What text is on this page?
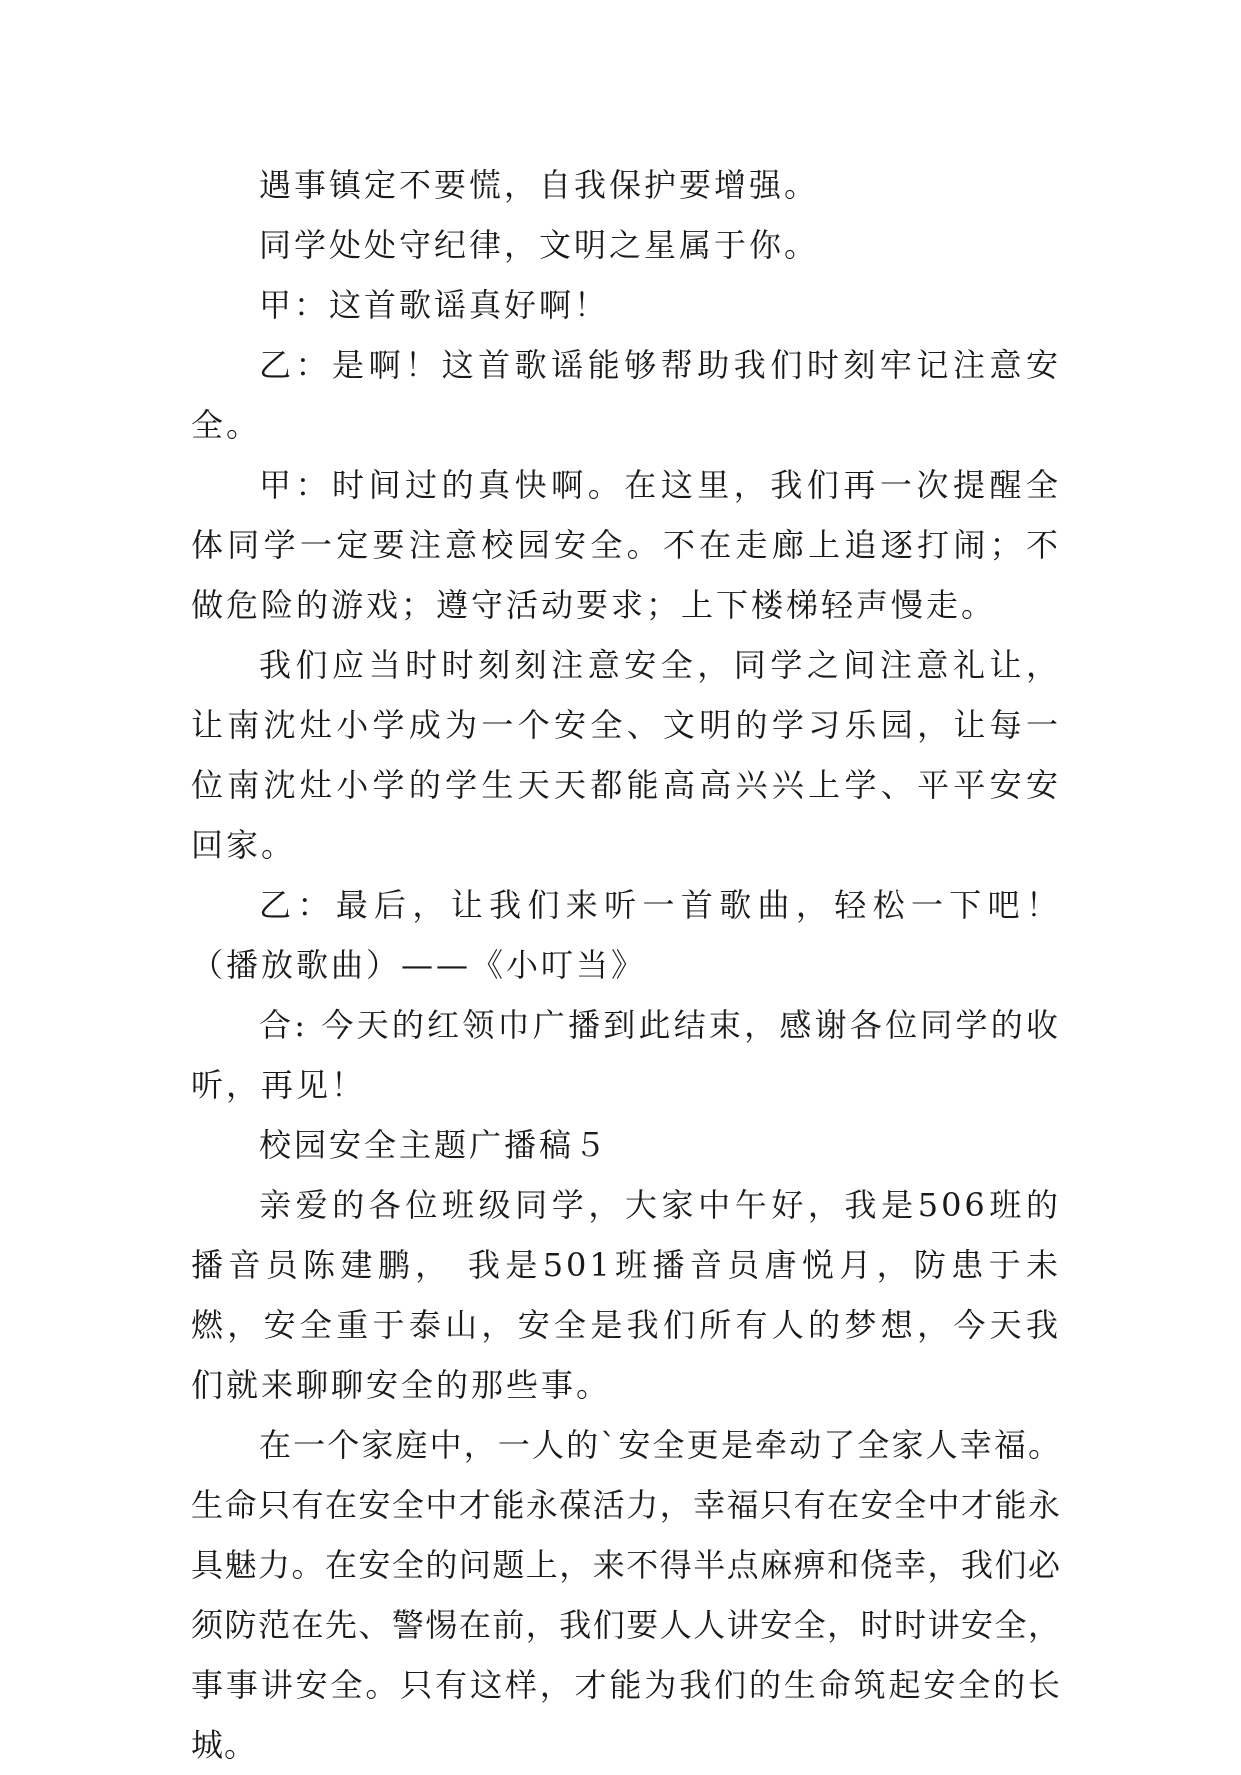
遇事镇定不要慌，自我保护要增强。

同学处处守纪律，文明之星属于你。

甲：这首歌谣真好啊！

乙：是啊！这首歌谣能够帮助我们时刻牢记注意安全。

甲：时间过的真快啊。在这里，我们再一次提醒全体同学一定要注意校园安全。不在走廊上追逐打闹；不做危险的游戏；遵守活动要求；上下楼梯轻声慢走。

我们应当时时刻刻注意安全，同学之间注意礼让，让南沈灶小学成为一个安全、文明的学习乐园，让每一位南沈灶小学的学生天天都能高高兴兴上学、平平安安回家。

乙：最后，让我们来听一首歌曲，轻松一下吧！ （播放歌曲）——《小叮当》

合: 今天的红领巾广播到此结束，感谢各位同学的收听，再见！

校园安全主题广播稿５

亲爱的各位班级同学，大家中午好，我是506班的播音员陈建鹏， 我是501班播音员唐悦月，防患于未燃，安全重于泰山，安全是我们所有人的梦想，今天我们就来聊聊安全的那些事。

在一个家庭中，一人的`安全更是牵动了全家人幸福。生命只有在安全中才能永葆活力，幸福只有在安全中才能永具魅力。在安全的问题上，来不得半点麻痹和侥幸，我们必须防范在先、警惕在前，我们要人人讲安全，时时讲安全，事事讲安全。只有这样，才能为我们的生命筑起安全的长城。
